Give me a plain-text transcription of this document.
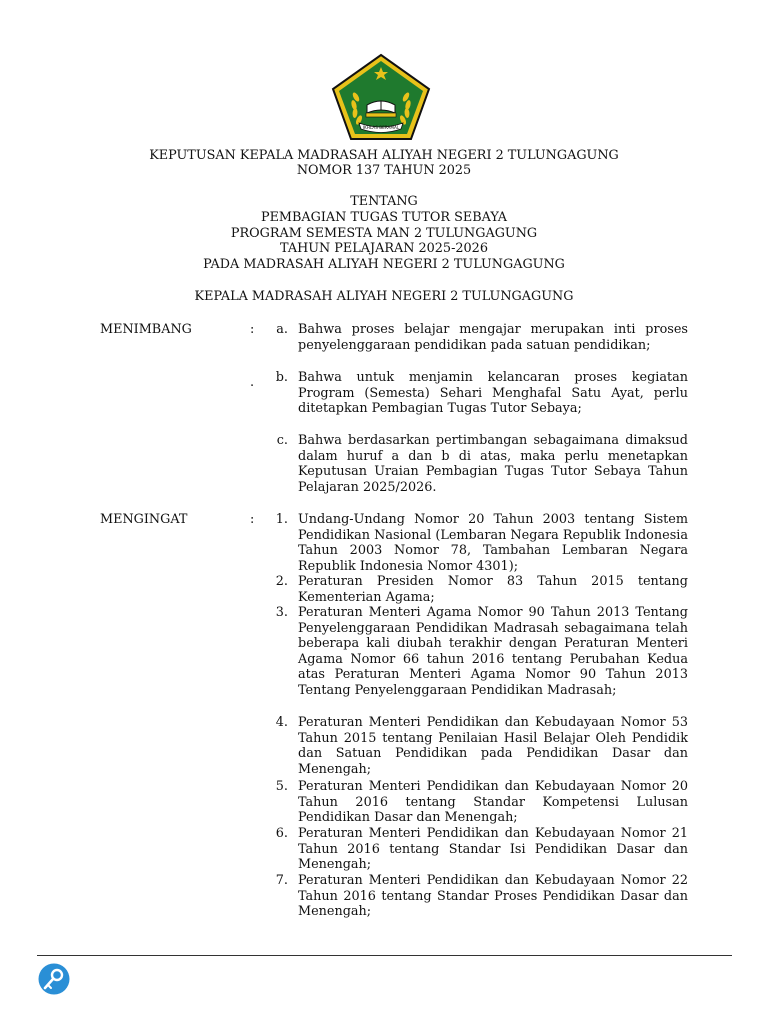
IKHLAS BERAMAL
KEPUTUSAN KEPALA MADRASAH ALIYAH NEGERI 2 TULUNGAGUNG
NOMOR 137 TAHUN 2025
TENTANG
PEMBAGIAN TUGAS TUTOR SEBAYA
PROGRAM SEMESTA MAN 2 TULUNGAGUNG
TAHUN PELAJARAN 2025-2026
PADA MADRASAH ALIYAH NEGERI 2 TULUNGAGUNG
KEPALA MADRASAH ALIYAH NEGERI 2 TULUNGAGUNG
MENIMBANG	:
.
a. Bahwa proses belajar mengajar merupakan inti proses penyelenggaraan pendidikan pada satuan pendidikan;
b. Bahwa untuk menjamin kelancaran proses kegiatan Program (Semesta) Sehari Menghafal Satu Ayat, perlu ditetapkan Pembagian Tugas Tutor Sebaya;
c. Bahwa berdasarkan pertimbangan sebagaimana dimaksud dalam huruf a dan b di atas, maka perlu menetapkan Keputusan Uraian Pembagian Tugas Tutor Sebaya Tahun Pelajaran 2025/2026.
MENGINGAT	:	1. Undang-Undang Nomor 20 Tahun 2003 tentang Sistem Pendidikan Nasional (Lembaran Negara Republik Indonesia Tahun 2003 Nomor 78, Tambahan Lembaran Negara Republik Indonesia Nomor 4301);
2. Peraturan Presiden Nomor 83 Tahun 2015 tentang Kementerian Agama;
3. Peraturan Menteri Agama Nomor 90 Tahun 2013 Tentang Penyelenggaraan Pendidikan Madrasah sebagaimana telah beberapa kali diubah terakhir dengan Peraturan Menteri Agama Nomor 66 tahun 2016 tentang Perubahan Kedua atas Peraturan Menteri Agama Nomor 90 Tahun 2013 Tentang Penyelenggaraan Pendidikan Madrasah;
4. Peraturan Menteri Pendidikan dan Kebudayaan Nomor 53 Tahun 2015 tentang Penilaian Hasil Belajar Oleh Pendidik dan Satuan Pendidikan pada Pendidikan Dasar dan Menengah;
5. Peraturan Menteri Pendidikan dan Kebudayaan Nomor 20 Tahun 2016 tentang Standar Kompetensi Lulusan Pendidikan Dasar dan Menengah;
6. Peraturan Menteri Pendidikan dan Kebudayaan Nomor 21 Tahun 2016 tentang Standar Isi Pendidikan Dasar dan Menengah;
7. Peraturan Menteri Pendidikan dan Kebudayaan Nomor 22 Tahun 2016 tentang Standar Proses Pendidikan Dasar dan Menengah;
